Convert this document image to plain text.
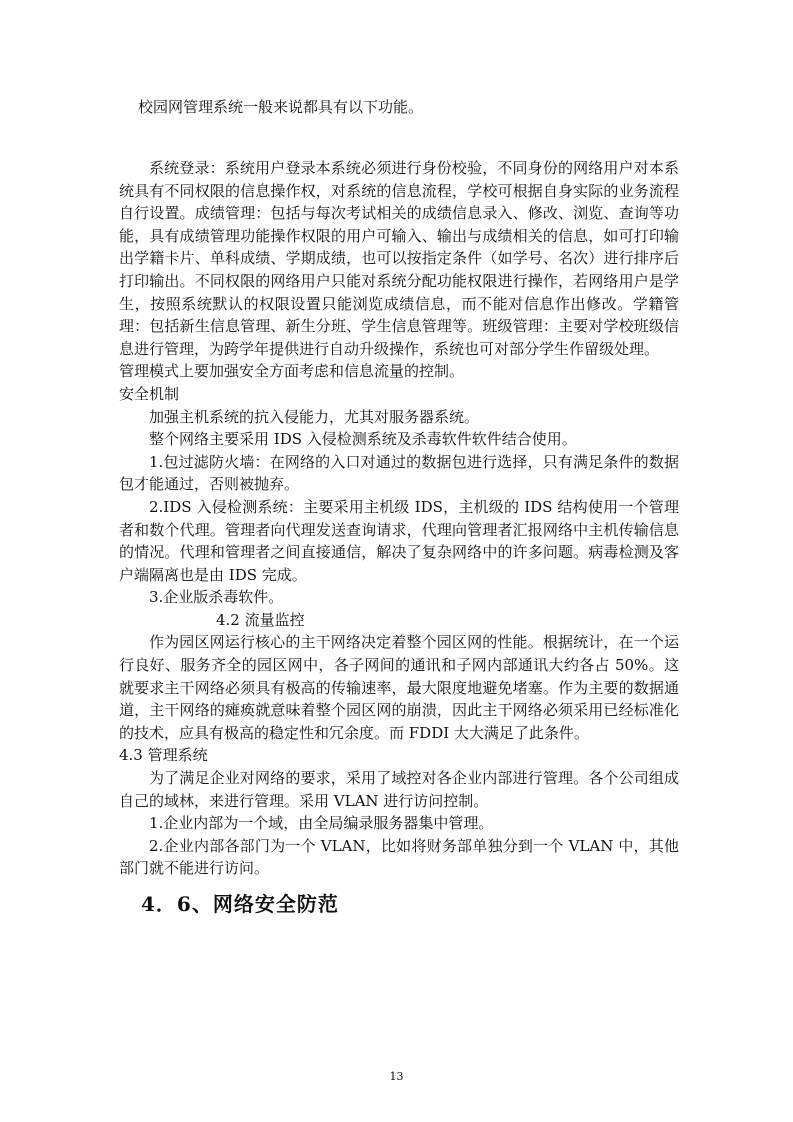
校园网管理系统一般来说都具有以下功能。

系统登录：系统用户登录本系统必须进行身份校验，不同身份的网络用户对本系统具有不同权限的信息操作权，对系统的信息流程，学校可根据自身实际的业务流程自行设置。成绩管理：包括与每次考试相关的成绩信息录入、修改、浏览、查询等功能，具有成绩管理功能操作权限的用户可输入、输出与成绩相关的信息，如可打印输出学籍卡片、单科成绩、学期成绩，也可以按指定条件（如学号、名次）进行排序后打印输出。不同权限的网络用户只能对系统分配功能权限进行操作，若网络用户是学生，按照系统默认的权限设置只能浏览成绩信息，而不能对信息作出修改。学籍管理：包括新生信息管理、新生分班、学生信息管理等。班级管理：主要对学校班级信息进行管理，为跨学年提供进行自动升级操作，系统也可对部分学生作留级处理。

管理模式上要加强安全方面考虑和信息流量的控制。

安全机制

加强主机系统的抗入侵能力，尤其对服务器系统。

整个网络主要采用 IDS 入侵检测系统及杀毒软件软件结合使用。

1.包过滤防火墙：在网络的入口对通过的数据包进行选择，只有满足条件的数据包才能通过，否则被抛弃。

2.IDS 入侵检测系统：主要采用主机级 IDS，主机级的 IDS 结构使用一个管理者和数个代理。管理者向代理发送查询请求，代理向管理者汇报网络中主机传输信息的情况。代理和管理者之间直接通信，解决了复杂网络中的许多问题。病毒检测及客户端隔离也是由 IDS 完成。

3.企业版杀毒软件。

4.2 流量监控

作为园区网运行核心的主干网络决定着整个园区网的性能。根据统计，在一个运行良好、服务齐全的园区网中，各子网间的通讯和子网内部通讯大约各占 50%。这就要求主干网络必须具有极高的传输速率，最大限度地避免堵塞。作为主要的数据通道，主干网络的瘫痪就意味着整个园区网的崩溃，因此主干网络必须采用已经标准化的技术，应具有极高的稳定性和冗余度。而 FDDI 大大满足了此条件。

4.3 管理系统

为了满足企业对网络的要求，采用了域控对各企业内部进行管理。各个公司组成自己的域林，来进行管理。采用 VLAN 进行访问控制。

1.企业内部为一个域，由全局编录服务器集中管理。

2.企业内部各部门为一个 VLAN，比如将财务部单独分到一个 VLAN 中，其他部门就不能进行访问。

4．6、网络安全防范
13
